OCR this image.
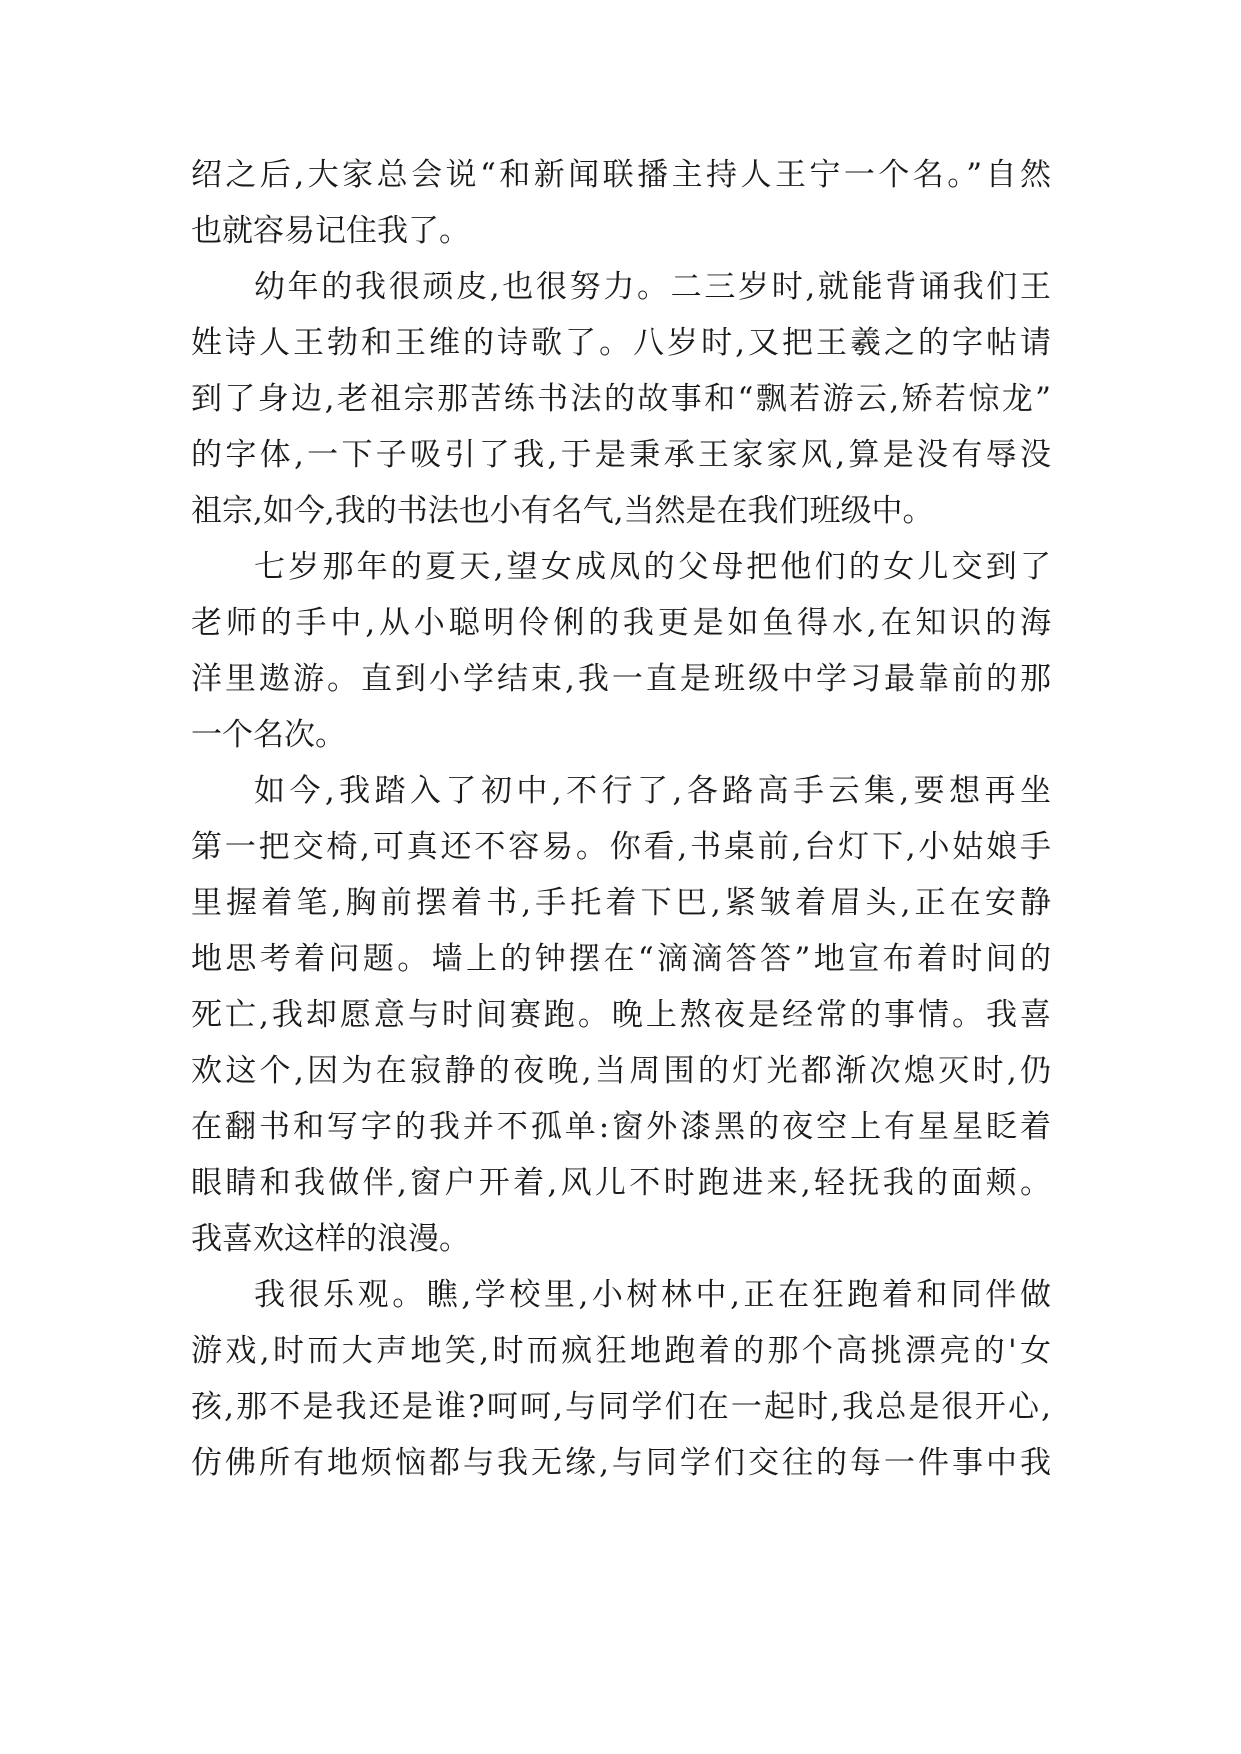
绍之后,大家总会说“和新闻联播主持人王宁一个名。”自然

也就容易记住我了。

幼年的我很顽皮,也很努力。二三岁时,就能背诵我们王

姓诗人王勃和王维的诗歌了。八岁时,又把王羲之的字帖请

到了身边,老祖宗那苦练书法的故事和“飘若游云,矫若惊龙”

的字体,一下子吸引了我,于是秉承王家家风,算是没有辱没

祖宗,如今,我的书法也小有名气,当然是在我们班级中。

七岁那年的夏天,望女成凤的父母把他们的女儿交到了

老师的手中,从小聪明伶俐的我更是如鱼得水,在知识的海

洋里遨游。直到小学结束,我一直是班级中学习最靠前的那

一个名次。

如今,我踏入了初中,不行了,各路高手云集,要想再坐

第一把交椅,可真还不容易。你看,书桌前,台灯下,小姑娘手

里握着笔,胸前摆着书,手托着下巴,紧皱着眉头,正在安静

地思考着问题。墙上的钟摆在“滴滴答答”地宣布着时间的

死亡,我却愿意与时间赛跑。晚上熬夜是经常的事情。我喜

欢这个,因为在寂静的夜晚,当周围的灯光都渐次熄灭时,仍

在翻书和写字的我并不孤单:窗外漆黑的夜空上有星星眨着

眼睛和我做伴,窗户开着,风儿不时跑进来,轻抚我的面颊。

我喜欢这样的浪漫。

我很乐观。瞧,学校里,小树林中,正在狂跑着和同伴做

游戏,时而大声地笑,时而疯狂地跑着的那个高挑漂亮的'女

孩,那不是我还是谁?呵呵,与同学们在一起时,我总是很开心,

仿佛所有地烦恼都与我无缘,与同学们交往的每一件事中我
